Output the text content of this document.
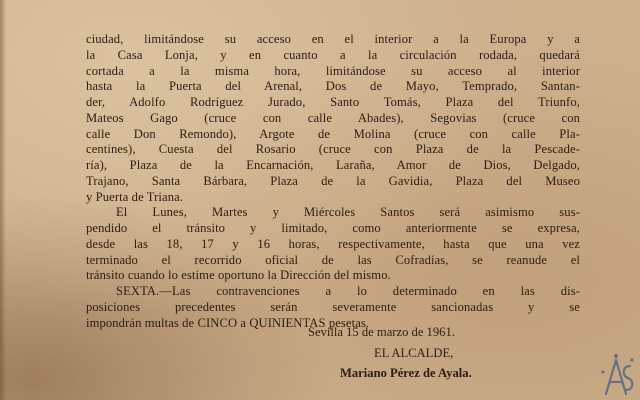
ciudad, limitándose su acceso en el interior a la Europa y a
la Casa Lonja, y en cuanto a la circulación rodada, quedará
cortada a la misma hora, limitándose su acceso al interior
hasta la Puerta del Arenal, Dos de Mayo, Temprado, Santan-
der, Adolfo Rodríguez Jurado, Santo Tomás, Plaza del Triunfo,
Mateos Gago (cruce con calle Abades), Segovias (cruce con
calle Don Remondo), Argote de Molina (cruce con calle Pla-
centines), Cuesta del Rosario (cruce con Plaza de la Pescade-
ría), Plaza de la Encarnación, Laraña, Amor de Dios, Delgado,
Trajano, Santa Bárbara, Plaza de la Gavidia, Plaza del Museo
y Puerta de Triana.
El Lunes, Martes y Miércoles Santos será asimismo sus-
pendido el tránsito y limitado, como anteriormente se expresa,
desde las 18, 17 y 16 horas, respectivamente, hasta que una vez
terminado el recorrido oficial de las Cofradías, se reanude el
tránsito cuando lo estime oportuno la Dirección del mismo.
SEXTA.—Las contravenciones a lo determinado en las dis-
posiciones precedentes serán severamente sancionadas y se
impondrán multas de CINCO a QUINIENTAS pesetas.
Sevilla 15 de marzo de 1961.
EL ALCALDE,
Mariano Pérez de Ayala.
